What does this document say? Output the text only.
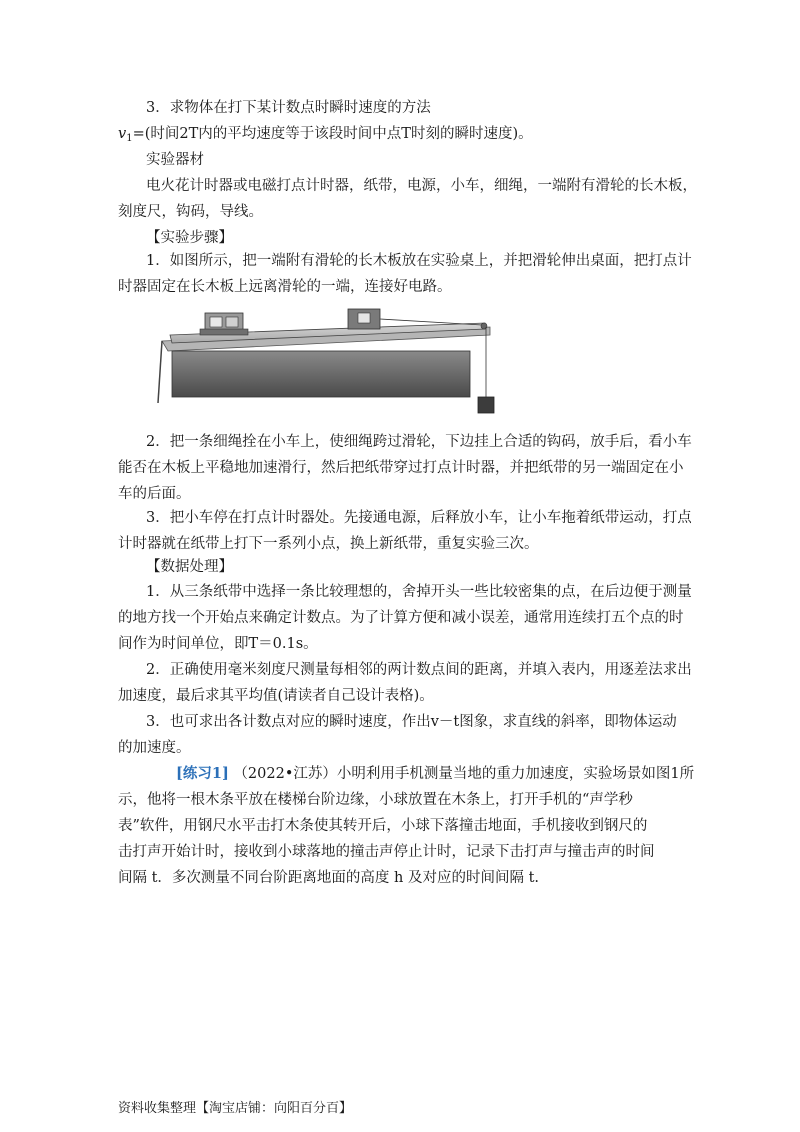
3．求物体在打下某计数点时瞬时速度的方法
$v_1=$(时间2T内的平均速度等于该段时间中点T时刻的瞬时速度)。
实验器材
电火花计时器或电磁打点计时器，纸带，电源，小车，细绳，一端附有滑轮的长木板，
刻度尺，钩码，导线。
【实验步骤】
1．如图所示，把一端附有滑轮的长木板放在实验桌上，并把滑轮伸出桌面，把打点计
时器固定在长木板上远离滑轮的一端，连接好电路。
2．把一条细绳拴在小车上，使细绳跨过滑轮，下边挂上合适的钩码，放手后，看小车
能否在木板上平稳地加速滑行，然后把纸带穿过打点计时器，并把纸带的另一端固定在小
车的后面。
3．把小车停在打点计时器处。先接通电源，后释放小车，让小车拖着纸带运动，打点
计时器就在纸带上打下一系列小点，换上新纸带，重复实验三次。
【数据处理】
1．从三条纸带中选择一条比较理想的，舍掉开头一些比较密集的点，在后边便于测量
的地方找一个开始点来确定计数点。为了计算方便和减小误差，通常用连续打五个点的时
间作为时间单位，即T＝0.1s。
2．正确使用毫米刻度尺测量每相邻的两计数点间的距离，并填入表内，用逐差法求出
加速度，最后求其平均值(请读者自己设计表格)。
3．也可求出各计数点对应的瞬时速度，作出v－t图象，求直线的斜率，即物体运动
的加速度。
[练习1] （2022•江苏）小明利用手机测量当地的重力加速度，实验场景如图1所
示，他将一根木条平放在楼梯台阶边缘，小球放置在木条上，打开手机的“声学秒
表”软件，用钢尺水平击打木条使其转开后，小球下落撞击地面，手机接收到钢尺的
击打声开始计时，接收到小球落地的撞击声停止计时，记录下击打声与撞击声的时间
间隔 t．多次测量不同台阶距离地面的高度 h 及对应的时间间隔 t.
资料收集整理【淘宝店铺：向阳百分百】
